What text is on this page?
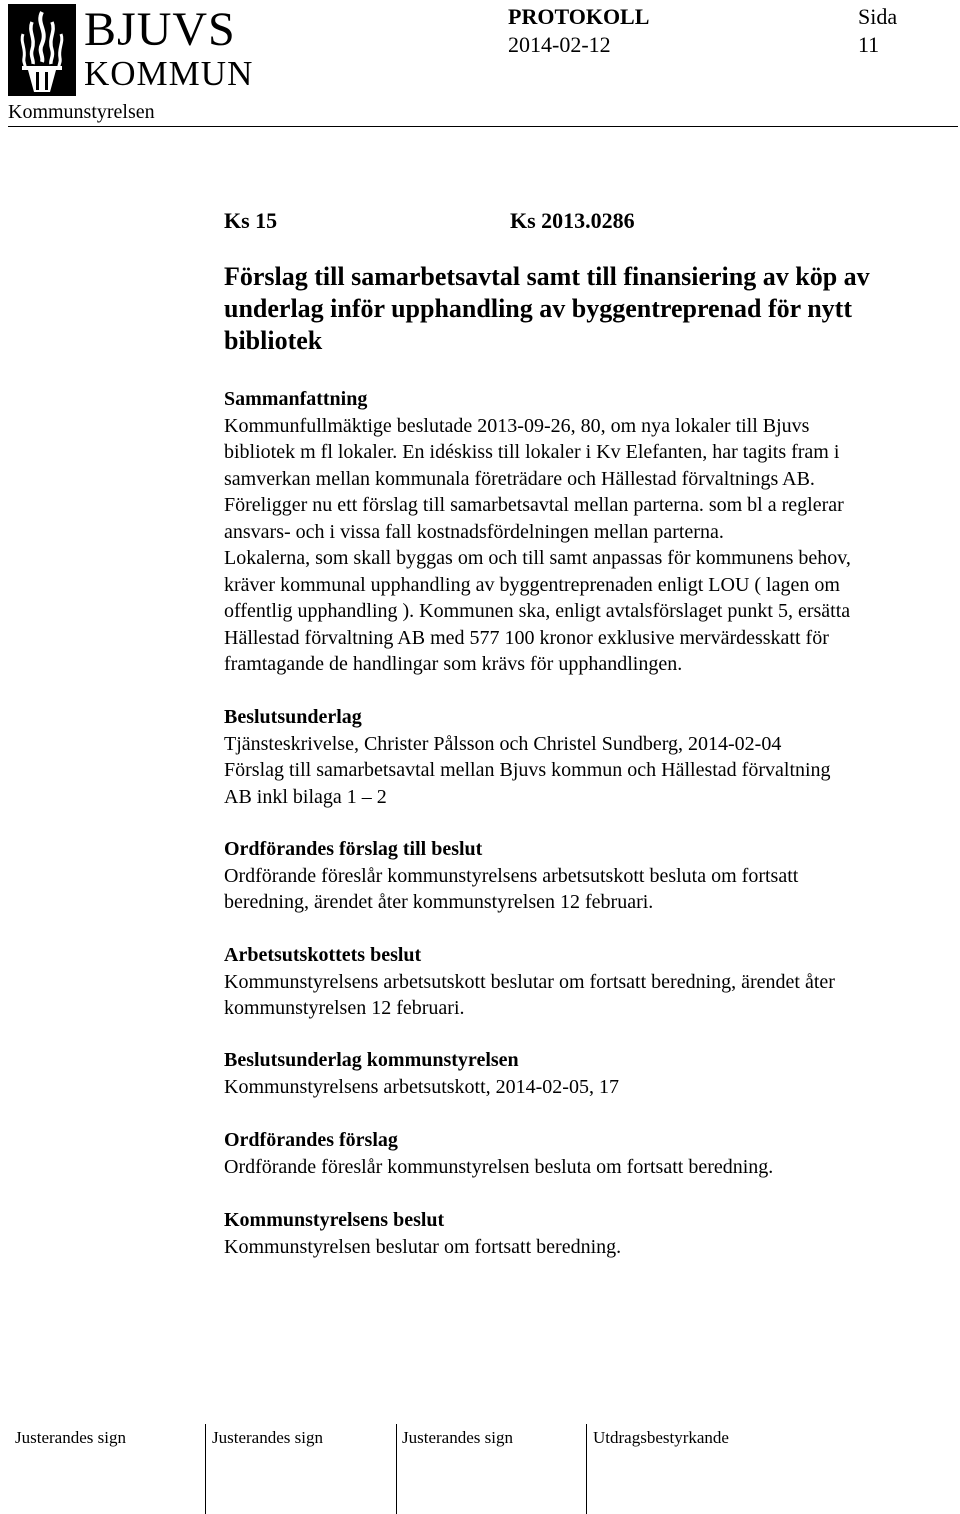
BJUVS
KOMMUN
PROTOKOLL
2014-02-12
Sida
11
Kommunstyrelsen
Ks 15	Ks 2013.0286
Förslag till samarbetsavtal samt till finansiering av köp av
underlag inför upphandling av byggentreprenad för nytt
bibliotek
Sammanfattning
Kommunfullmäktige beslutade 2013-09-26, 80, om nya lokaler till Bjuvs
bibliotek m fl lokaler. En idéskiss till lokaler i Kv Elefanten, har tagits fram i
samverkan mellan kommunala företrädare och Hällestad förvaltnings AB.
Föreligger nu ett förslag till samarbetsavtal mellan parterna. som bl a reglerar
ansvars- och i vissa fall kostnadsfördelningen mellan parterna.
Lokalerna, som skall byggas om och till samt anpassas för kommunens behov,
kräver kommunal upphandling av byggentreprenaden enligt LOU ( lagen om
offentlig upphandling ). Kommunen ska, enligt avtalsförslaget punkt 5, ersätta
Hällestad förvaltning AB med 577 100 kronor exklusive mervärdesskatt för
framtagande de handlingar som krävs för upphandlingen.
Beslutsunderlag
Tjänsteskrivelse, Christer Pålsson och Christel Sundberg, 2014-02-04
Förslag till samarbetsavtal mellan Bjuvs kommun och Hällestad förvaltning
AB inkl bilaga 1 – 2
Ordförandes förslag till beslut
Ordförande föreslår kommunstyrelsens arbetsutskott besluta om fortsatt
beredning, ärendet åter kommunstyrelsen 12 februari.
Arbetsutskottets beslut
Kommunstyrelsens arbetsutskott beslutar om fortsatt beredning, ärendet åter
kommunstyrelsen 12 februari.
Beslutsunderlag kommunstyrelsen
Kommunstyrelsens arbetsutskott, 2014-02-05, 17
Ordförandes förslag
Ordförande föreslår kommunstyrelsen besluta om fortsatt beredning.
Kommunstyrelsens beslut
Kommunstyrelsen beslutar om fortsatt beredning.
Justerandes sign	Justerandes sign	Justerandes sign	Utdragsbestyrkande
